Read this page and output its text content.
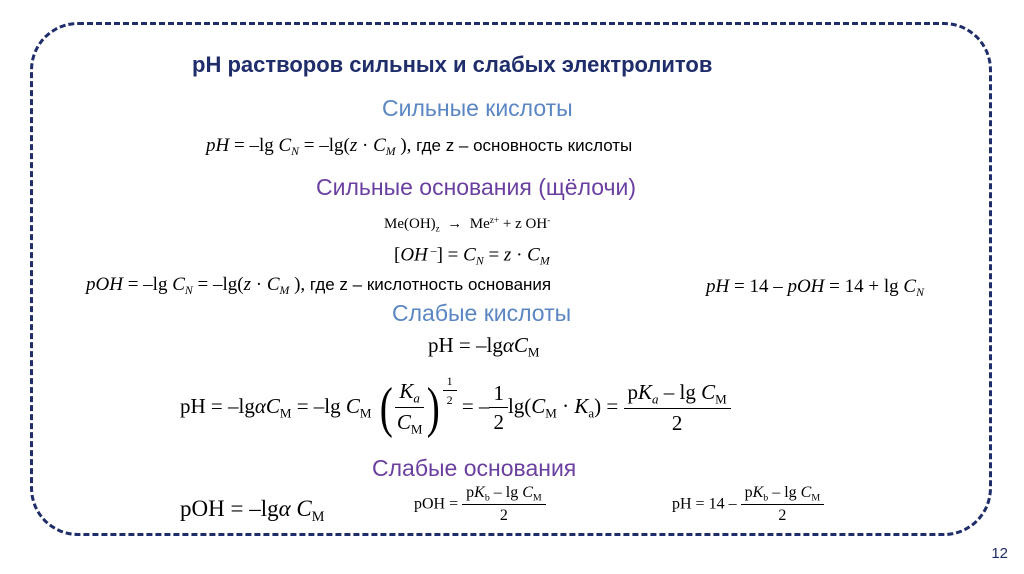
pH растворов сильных и слабых электролитов
Сильные кислоты
pH = –lg $C_N = -\lg(z \cdot C_M$ ), где z – основность кислоты
Сильные основания (щёлочи)
$Me(OH)_z \to Me^{z+} + z$ OH-
[OH $^-] = C_N = z \cdot C_M$
pOH = –lg $C_N = -\lg(z \cdot C_M$ ), где z – кислотность основания	pH = 14 – pOH = $14 + \lg C_N$
Слабые кислоты
pH = –lgαC$_M$
pH = –lgαC$_M$ = –lg $C_M$ ( $\frac{K_a}{C_M}$ ) $^{\frac{1}{2}}$ = – $\frac{1}{2} \lg(C_M \cdot K_a) = \frac{pK_a - \lg C_M}{2}$
Слабые основания
pOH = –lgα $C_M$
pOH = $\frac{pK_b - \lg C_M}{2}$	pH = $14 - \frac{pK_b - \lg C_M}{2}$
12
